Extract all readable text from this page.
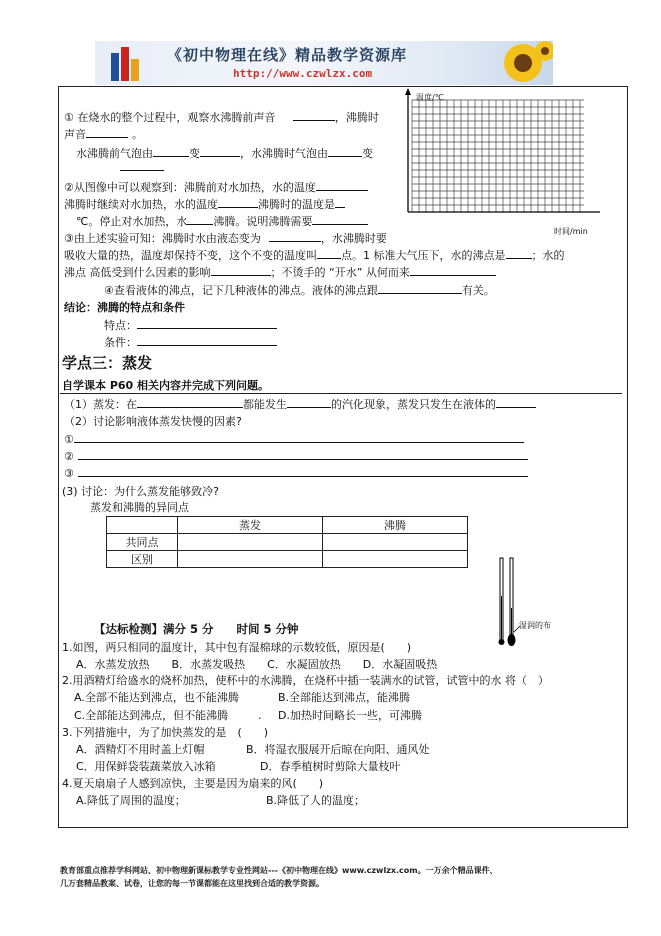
《初中物理在线》精品教学资源库
http://www.czwlzx.com
温度/℃
时间/min
① 在烧水的整个过程中，观察水沸腾前声音	，沸腾时
声音	。
水沸腾前气泡由	变	，水沸腾时气泡由	变
②从图像中可以观察到：沸腾前对水加热，水的温度
沸腾时继续对水加热，水的温度	沸腾时的温度是
℃。停止对水加热，水 沸腾。说明沸腾需要
③由上述实验可知：沸腾时水由液态变为	，水沸腾时要
吸收大量的热，温度却保持不变，这个不变的温度叫 点。1 标准大气压下，水的沸点是 ；水的
沸点 高低受到什么因素的影响	；不烫手的 “开水” 从何而来
④查看液体的沸点，记下几种液体的沸点。液体的沸点跟	有关。
结论：沸腾的特点和条件
特点：
条件：
学点三：蒸发
自学课本 P60 相关内容并完成下列问题。
（1）蒸发：在	都能发生	的汽化现象，蒸发只发生在液体的
（2）讨论影响液体蒸发快慢的因素?
①
②
③
(3) 讨论：为什么蒸发能够致冷?
蒸发和沸腾的异同点
	蒸发	沸腾
共同点		
区别		
湿润的布
【达标检测】满分 5 分　　时间 5 分钟
1.如图，两只相同的温度计，其中包有湿棉球的示数较低，原因是(　　)
A．水蒸发放热　　B．水蒸发吸热　　C．水凝固放热　　D．水凝固吸热
2.用酒精灯给盛水的烧杯加热，使杯中的水沸腾，在烧杯中插一装满水的试管，试管中的水 将（　）
A.全部不能达到沸点，也不能沸腾	B.全部能达到沸点，能沸腾
C.全部能达到沸点，但不能沸腾	. D.加热时间略长一些，可沸腾
3.下列措施中，为了加快蒸发的是　(　　)
A．酒精灯不用时盖上灯帽	B．将湿衣服展开后晾在向阳、通风处
C．用保鲜袋装蔬菜放入冰箱	D．春季植树时剪除大量枝叶
4.夏天扇扇子人感到凉快，主要是因为扇来的风(　　)
A.降低了周围的温度；	B.降低了人的温度；
教育部重点推荐学科网站、初中物理新课标教学专业性网站---《初中物理在线》www.czwlzx.com。一万余个精品课件、
几万套精品教案、试卷，让您的每一节课都能在这里找到合适的教学资源。
